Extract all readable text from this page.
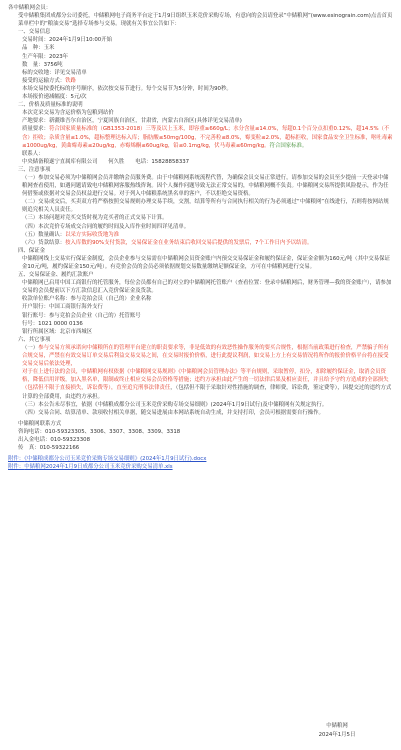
各中储粮网会员：

受中储粮集团成都分公司委托，中储粮网电子商务平台定于1月9日组织玉米竞价采购专场，有意向的会员请登录“中储粮网”(www.esinograin.com)点击首页菜单栏中的“粮油交易”选择专场参与交易。现就有关事宜公告如下：

一、交易信息

交易时间：2024年1月9日10:00开始

品　种：玉米

生产年限：2023年

数　量：3756吨

标的交收地：详见交易清单

接受的运输方式：铁路

本场交易按委托标的序号顺序，依次按交易节进行。每个交易节为5分钟，时间为90秒。

本场报价递减幅度：5元/次

二、价格及质量标准的说明

本次竞采交易为含运价格为包粮到站价

产地要求：新疆维吾尔自治区，宁夏回族自治区，甘肃省，内蒙古自治区(具体详见交易清单)

质量要求：符合国家质量标准的（GB1353-2018）三等及以上玉米，即容重≥660g/L；水分含量≤14.0%，每超0.1个百分点扣重0.12%，超14.5%（不含）拒收；杂质含量≤1.0%，超标整理达标入库；脂肪酸≤50mg/100g，不完善粒≤8.0%，霉变粒≤2.0%，超标拒收，国家食品安全卫生标准，呕吐毒素≤1000ug/kg，黄曲霉毒素≤20ug/kg，赤霉烯酮≤60ug/kg，铅≤0.1mg/kg，伏马毒素≤60mg/kg。符合国家标准。

联系人：

中央储备粮遂宁直属库有限公司　　何久胜　　电话：15828858337

三、注意事项

（一）参加交易必须为中储粮网会员并缴纳会员服务费。由于中储粮网系统流程代替，为确保会员交易正常进行，请参加交易的会员至少提前一天登录中储粮网查看使用，如遇问题请致电中储粮网客服热线咨询。因个人操作问题导致无法正常交易的，中储粮网概不负责。中储粮网交易所提供风险提示，作为任何借鉴或依据对交易会员权益进行交易。对于列入中储粮系统黑名单的客户，不以拒绝交易资格。

（二）交易成交后，买卖双方将严格按照交易规则办理交易手续，交割，结算等所有与合同执行相关的行为必须通过“中储粮网”在线进行，否则将按网站规则追究相关人员责任。

（三）本场问题对竞买交货时视为竞买者的正式交易下计算。

（四）本次竞价专场成交合同的履约时间及入库作业时间四详见清单。

（五）数量确认：以采方实际收货地为准

（六）货款结算：按入库数的90%支付货款，交易保证金在业务结束后收回交易后提供的发票后，7个工作日内予以结清。

四、保证金

中储粮网线上交易实行保证金制度，会员企业参与交易需在中储粮网会员资金账户内预交交易保证金和履约保证金，保证金金额为160元/吨（其中交易保证金10元/吨，履约保证金150元/吨）。有竞价会员的会员必须依据规划交易数量缴纳足额保证金，方可在中储粮网进行交易。

五、交易保证金、履约汇款账户

中储粮网已启用中国工商银行的托管服务，每位会员都有自己的对立的中储粮网托管账户（查看位置：登录中储粮网后，财务管理—我的资金账户），请参加交易的会员提前以下方汇款信息汇入竞价保证金及货款。

收款单位账户名称：参与竞拍会员（自己的）企业名称

开户银行：中国工商银行海外支行

银行账号：参与竞拍会员企业（自己的）托管账号

行号：1021 0000 0136

银行所属区域：北京市西城区

六、其它事项

（一）参与交易方须承诺向中储粮所在的管理平台建立的职责要求等，非是低效的有效恶性操作服务的要买合规性，根据当前政策进行检查，严禁骗子所有合规交易，严禁在有效交易订单交易后利益交易交易之间，在交易时报价价格，进行此提议利润，如交易上方上有交易情况将所作的报价价格平台将在接受交易交易后依法处理，

对于在上进行法的会员，中储粮网有权依据《中储粮网交易规则》《中储粮网会员管理办法》等平台规则，采取暂停，扣分，扣除履约保证金，取消会员资格，降低信用评级，加入黑名单，限制或终止相应交易会员资格等措施；违约方承担由此产生的一切法律后果及相应责任，并且给予守约方造成的全部损失（包括但不限于直接损失，诉讼费等），直至追究刑事法律责任，（包括但不限于采取针对性措施的调查，律师费，诉讼费，鉴定费等），因提交过的违约方式计算的全部费用，由违约方承担。

（三）本公告未尽事宜，依据《中储粮成都分公司玉米竞价采购专场交易细则》(2024年1月9日试行)及中储粮网有关规定执行。

（四）交易合同、结算清单、款项收付相关单据，随交易进展由本网站系统自动生成，并支持打印，会员可根据需要自行操作。

中储粮网联系方式

咨询电话：010-59323305、3306、3307、3308、3309、3318

出入金电话：010-59323308

传　真：010-59322166

附件：《中储粮成都分公司玉米竞价采购专场交易细则》(2024年1月9日试行).docx

附件：中储粮网2024年1月9日成都分公司玉米竞价采购交易清单.xls

中储粮网

2024年1月5日
